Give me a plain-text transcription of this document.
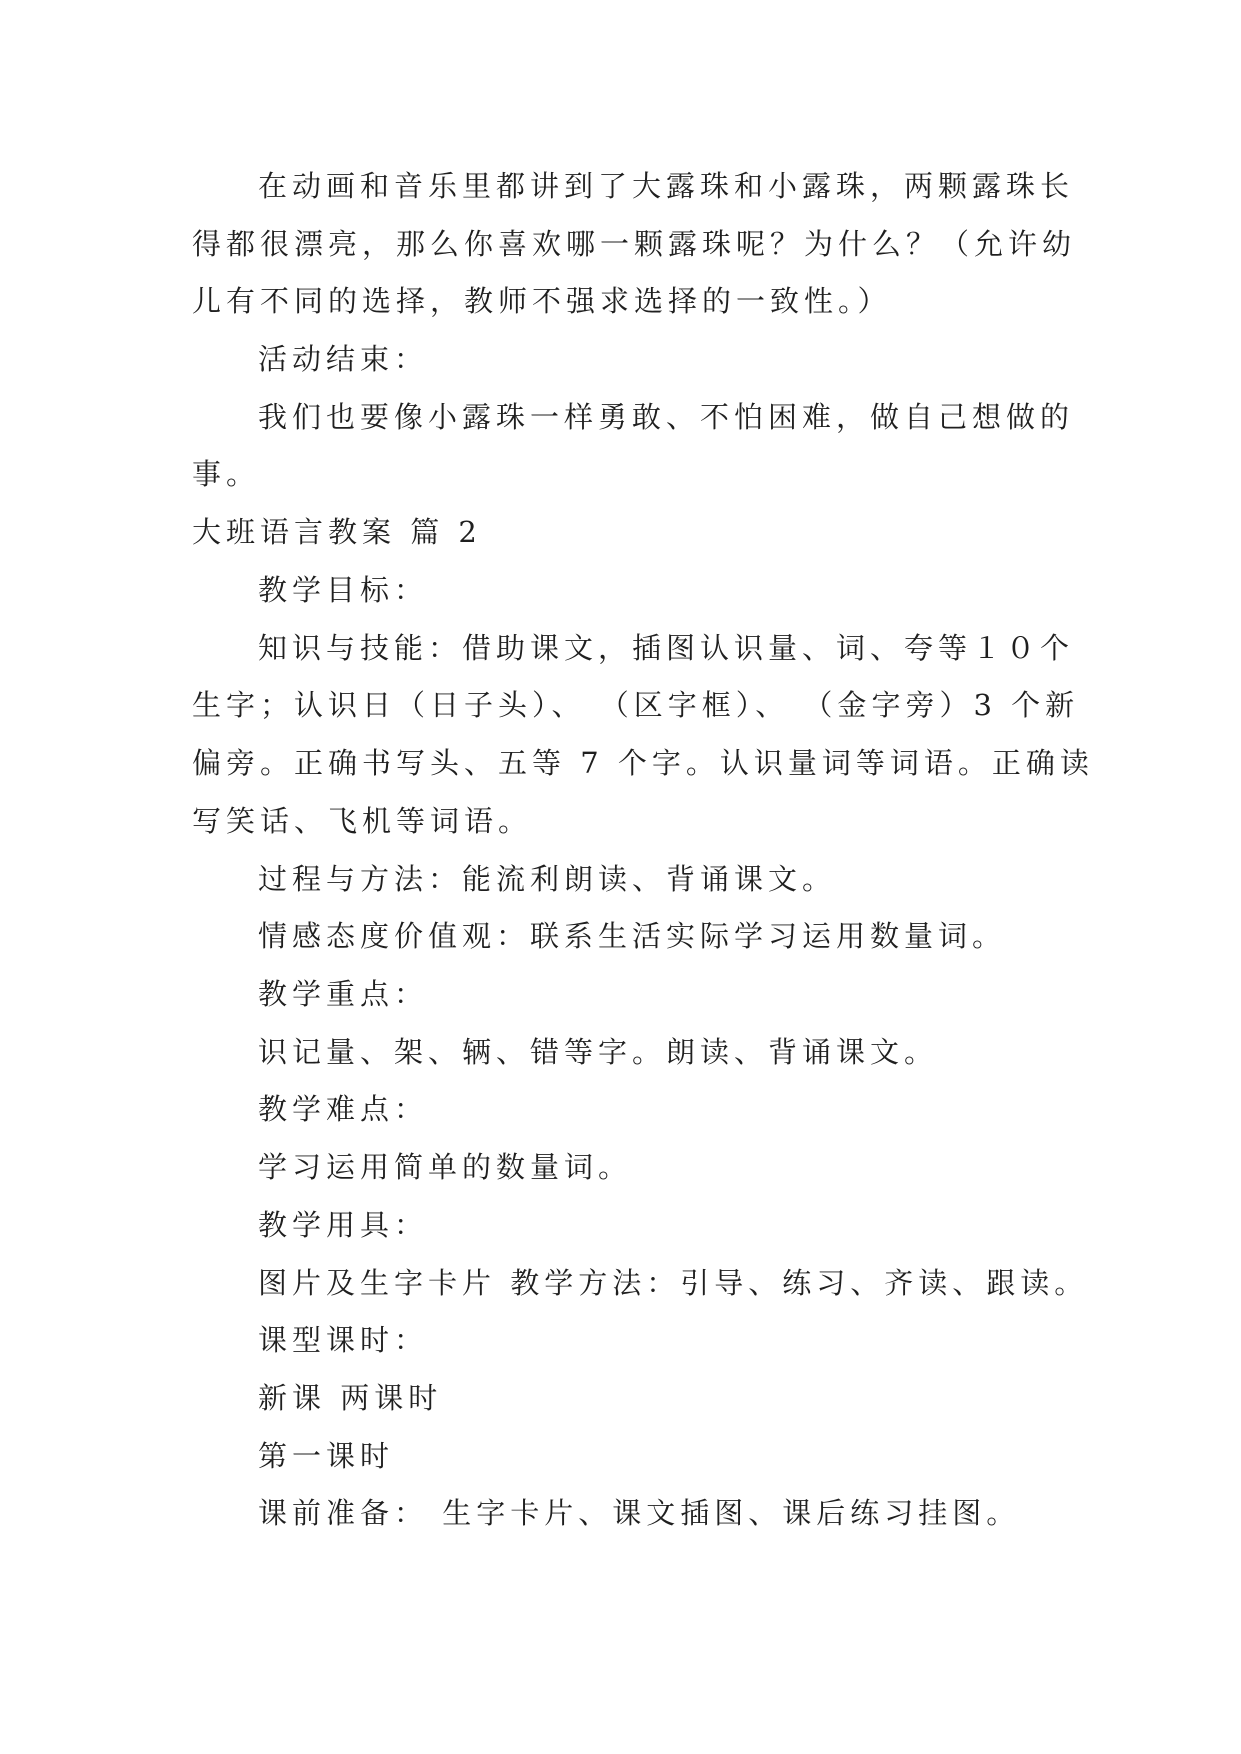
在动画和音乐里都讲到了大露珠和小露珠，两颗露珠长

得都很漂亮，那么你喜欢哪一颗露珠呢？为什么？（允许幼

儿有不同的选择，教师不强求选择的一致性。）

活动结束：

我们也要像小露珠一样勇敢、不怕困难，做自己想做的

事。

大班语言教案 篇 2

教学目标：

知识与技能：借助课文，插图认识量、词、夸等１０个

生字；认识日（日子头）、 （区字框）、 （金字旁）3 个新

偏旁。正确书写头、五等 7 个字。认识量词等词语。正确读

写笑话、飞机等词语。

过程与方法：能流利朗读、背诵课文。

情感态度价值观：联系生活实际学习运用数量词。

教学重点：

识记量、架、辆、错等字。朗读、背诵课文。

教学难点：

学习运用简单的数量词。

教学用具：

图片及生字卡片 教学方法：引导、练习、齐读、跟读。

课型课时：

新课 两课时

第一课时

课前准备： 生字卡片、课文插图、课后练习挂图。
